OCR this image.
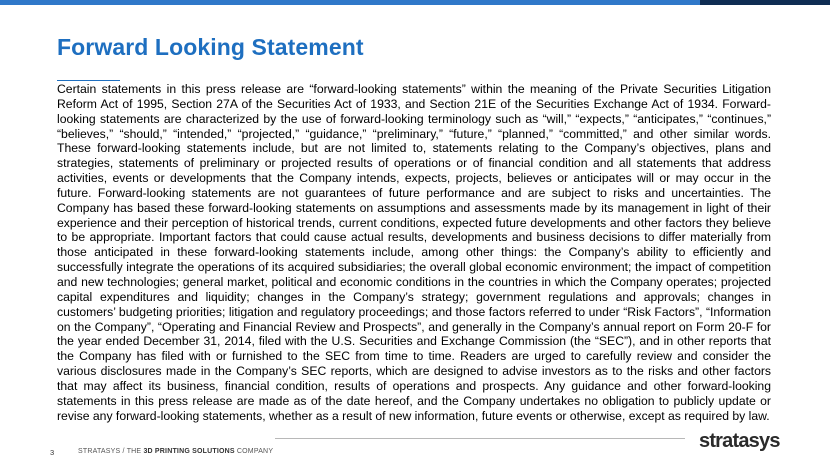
Forward Looking Statement

Certain statements in this press release are “forward-looking statements” within the meaning of the Private Securities Litigation Reform Act of 1995, Section 27A of the Securities Act of 1933, and Section 21E of the Securities Exchange Act of 1934. Forward-looking statements are characterized by the use of forward-looking terminology such as “will,” “expects,” “anticipates,” “continues,” “believes,” “should,” “intended,” “projected,” “guidance,” “preliminary,” “future,” “planned,” “committed,” and other similar words. These forward-looking statements include, but are not limited to, statements relating to the Company’s objectives, plans and strategies, statements of preliminary or projected results of operations or of financial condition and all statements that address activities, events or developments that the Company intends, expects, projects, believes or anticipates will or may occur in the future. Forward-looking statements are not guarantees of future performance and are subject to risks and uncertainties. The Company has based these forward-looking statements on assumptions and assessments made by its management in light of their experience and their perception of historical trends, current conditions, expected future developments and other factors they believe to be appropriate. Important factors that could cause actual results, developments and business decisions to differ materially from those anticipated in these forward-looking statements include, among other things: the Company’s ability to efficiently and successfully integrate the operations of its acquired subsidiaries; the overall global economic environment; the impact of competition and new technologies; general market, political and economic conditions in the countries in which the Company operates; projected capital expenditures and liquidity; changes in the Company’s strategy; government regulations and approvals; changes in customers’ budgeting priorities; litigation and regulatory proceedings; and those factors referred to under “Risk Factors”, “Information on the Company”, “Operating and Financial Review and Prospects”, and generally in the Company’s annual report on Form 20-F for the year ended December 31, 2014, filed with the U.S. Securities and Exchange Commission (the “SEC”), and in other reports that the Company has filed with or furnished to the SEC from time to time. Readers are urged to carefully review and consider the various disclosures made in the Company’s SEC reports, which are designed to advise investors as to the risks and other factors that may affect its business, financial condition, results of operations and prospects. Any guidance and other forward-looking statements in this press release are made as of the date hereof, and the Company undertakes no obligation to publicly update or revise any forward-looking statements, whether as a result of new information, future events or otherwise, except as required by law.

3	STRATASYS / THE 3D PRINTING SOLUTIONS COMPANY	stratasys
